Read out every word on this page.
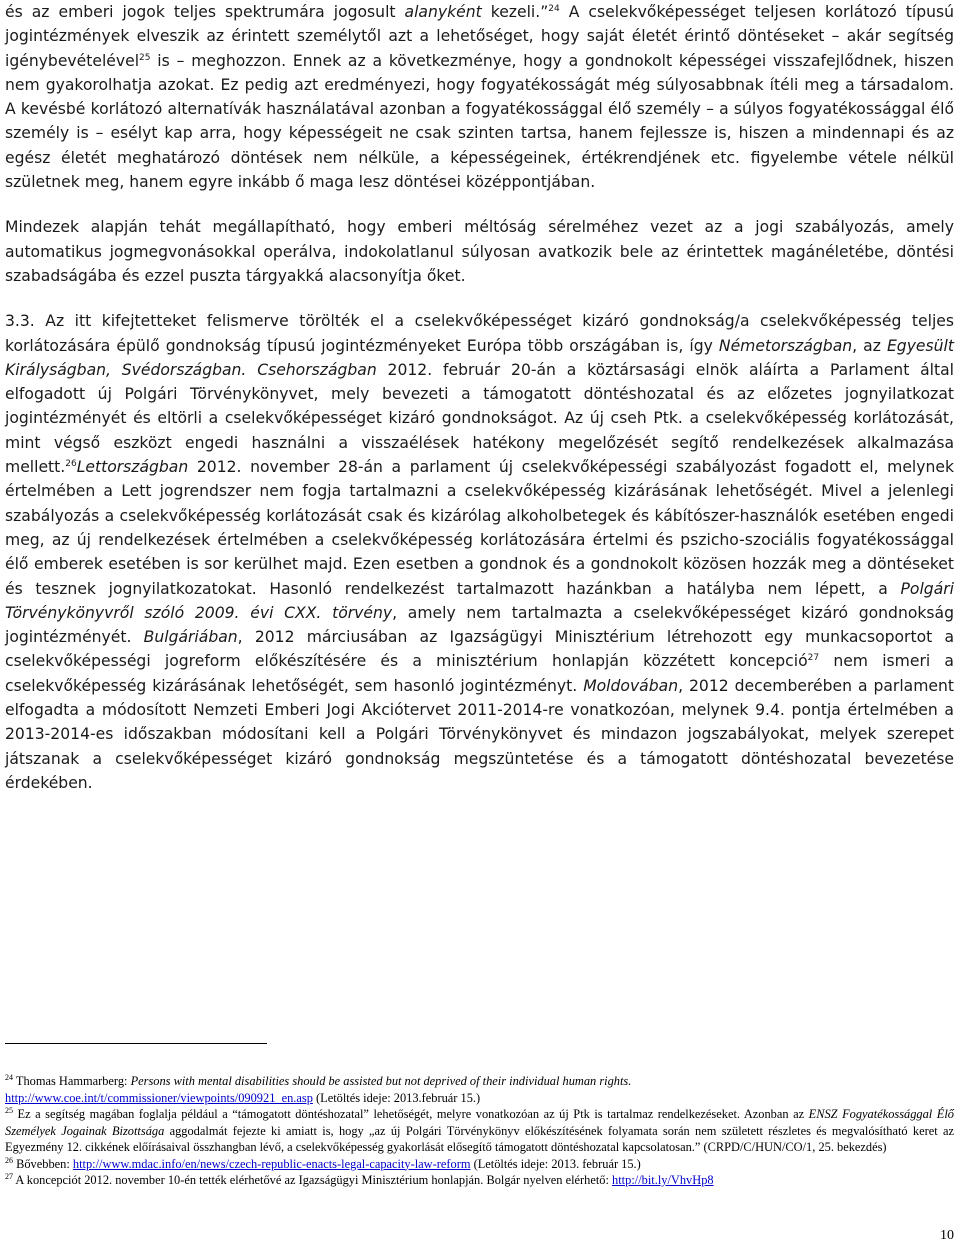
és az emberi jogok teljes spektrumára jogosult alanyként kezeli.”$^{24}$ A cselekvőképességet teljesen korlátozó típusú jogintézmények elveszik az érintett személytől azt a lehetőséget, hogy saját életét érintő döntéseket – akár segítség igénybevételével$^{25}$ is – meghozzon. Ennek az a következménye, hogy a gondnokolt képességei visszafejlődnek, hiszen nem gyakorolhatja azokat. Ez pedig azt eredményezi, hogy fogyatékosságát még súlyosabbnak ítéli meg a társadalom. A kevésbé korlátozó alternatívák használatával azonban a fogyatékossággal élő személy – a súlyos fogyatékossággal élő személy is – esélyt kap arra, hogy képességeit ne csak szinten tartsa, hanem fejlessze is, hiszen a mindennapi és az egész életét meghatározó döntések nem nélküle, a képességeinek, értékrendjének etc. figyelembe vétele nélkül születnek meg, hanem egyre inkább ő maga lesz döntései középpontjában.

Mindezek alapján tehát megállapítható, hogy emberi méltóság sérelméhez vezet az a jogi szabályozás, amely automatikus jogmegvonásokkal operálva, indokolatlanul súlyosan avatkozik bele az érintettek magánéletébe, döntési szabadságába és ezzel puszta tárgyakká alacsonyítja őket.

3.3. Az itt kifejtetteket felismerve törölték el a cselekvőképességet kizáró gondnokság/a cselekvőképesség teljes korlátozására épülő gondnokság típusú jogintézményeket Európa több országában is, így Németországban, az Egyesült Királyságban, Svédországban. Csehországban 2012. február 20-án a köztársasági elnök aláírta a Parlament által elfogadott új Polgári Törvénykönyvet, mely bevezeti a támogatott döntéshozatal és az előzetes jognyilatkozat jogintézményét és eltörli a cselekvőképességet kizáró gondnokságot. Az új cseh Ptk. a cselekvőképesség korlátozását, mint végső eszközt engedi használni a visszaélések hatékony megelőzését segítő rendelkezések alkalmazása mellett.$^{26}$Lettországban 2012. november 28-án a parlament új cselekvőképességi szabályozást fogadott el, melynek értelmében a Lett jogrendszer nem fogja tartalmazni a cselekvőképesség kizárásának lehetőségét. Mivel a jelenlegi szabályozás a cselekvőképesség korlátozását csak és kizárólag alkoholbetegek és kábítószer-használók esetében engedi meg, az új rendelkezések értelmében a cselekvőképesség korlátozására értelmi és pszicho-szociális fogyatékossággal élő emberek esetében is sor kerülhet majd. Ezen esetben a gondnok és a gondnokolt közösen hozzák meg a döntéseket és tesznek jognyilatkozatokat. Hasonló rendelkezést tartalmazott hazánkban a hatályba nem lépett, a Polgári Törvénykönyvről szóló 2009. évi CXX. törvény, amely nem tartalmazta a cselekvőképességet kizáró gondnokság jogintézményét. Bulgáriában, 2012 márciusában az Igazságügyi Minisztérium létrehozott egy munkacsoportot a cselekvőképességi jogreform előkészítésére és a minisztérium honlapján közzétett koncepció$^{27}$ nem ismeri a cselekvőképesség kizárásának lehetőségét, sem hasonló jogintézményt. Moldovában, 2012 decemberében a parlament elfogadta a módosított Nemzeti Emberi Jogi Akciótervet 2011-2014-re vonatkozóan, melynek 9.4. pontja értelmében a 2013-2014-es időszakban módosítani kell a Polgári Törvénykönyvet és mindazon jogszabályokat, melyek szerepet játszanak a cselekvőképességet kizáró gondnokság megszüntetése és a támogatott döntéshozatal bevezetése érdekében.

$^{24}$ Thomas Hammarberg: Persons with mental disabilities should be assisted but not deprived of their individual human rights.
http://www.coe.int/t/commissioner/viewpoints/090921_en.asp (Letöltés ideje: 2013.február 15.)

$^{25}$ Ez a segítség magában foglalja például a “támogatott döntéshozatal” lehetőségét, melyre vonatkozóan az új Ptk is tartalmaz rendelkezéseket. Azonban az ENSZ Fogyatékossággal Élő Személyek Jogainak Bizottsága aggodalmát fejezte ki amiatt is, hogy „az új Polgári Törvénykönyv előkészítésének folyamata során nem született részletes és megvalósítható keret az Egyezmény 12. cikkének előírásaival összhangban lévő, a cselekvőképesség gyakorlását elősegítő támogatott döntéshozatal kapcsolatosan.” (CRPD/C/HUN/CO/1, 25. bekezdés)

$^{26}$ Bővebben: http://www.mdac.info/en/news/czech-republic-enacts-legal-capacity-law-reform (Letöltés ideje: 2013. február 15.)

$^{27}$ A koncepciót 2012. november 10-én tették elérhetővé az Igazságügyi Minisztérium honlapján. Bolgár nyelven elérhető: http://bit.ly/VhvHp8

10
